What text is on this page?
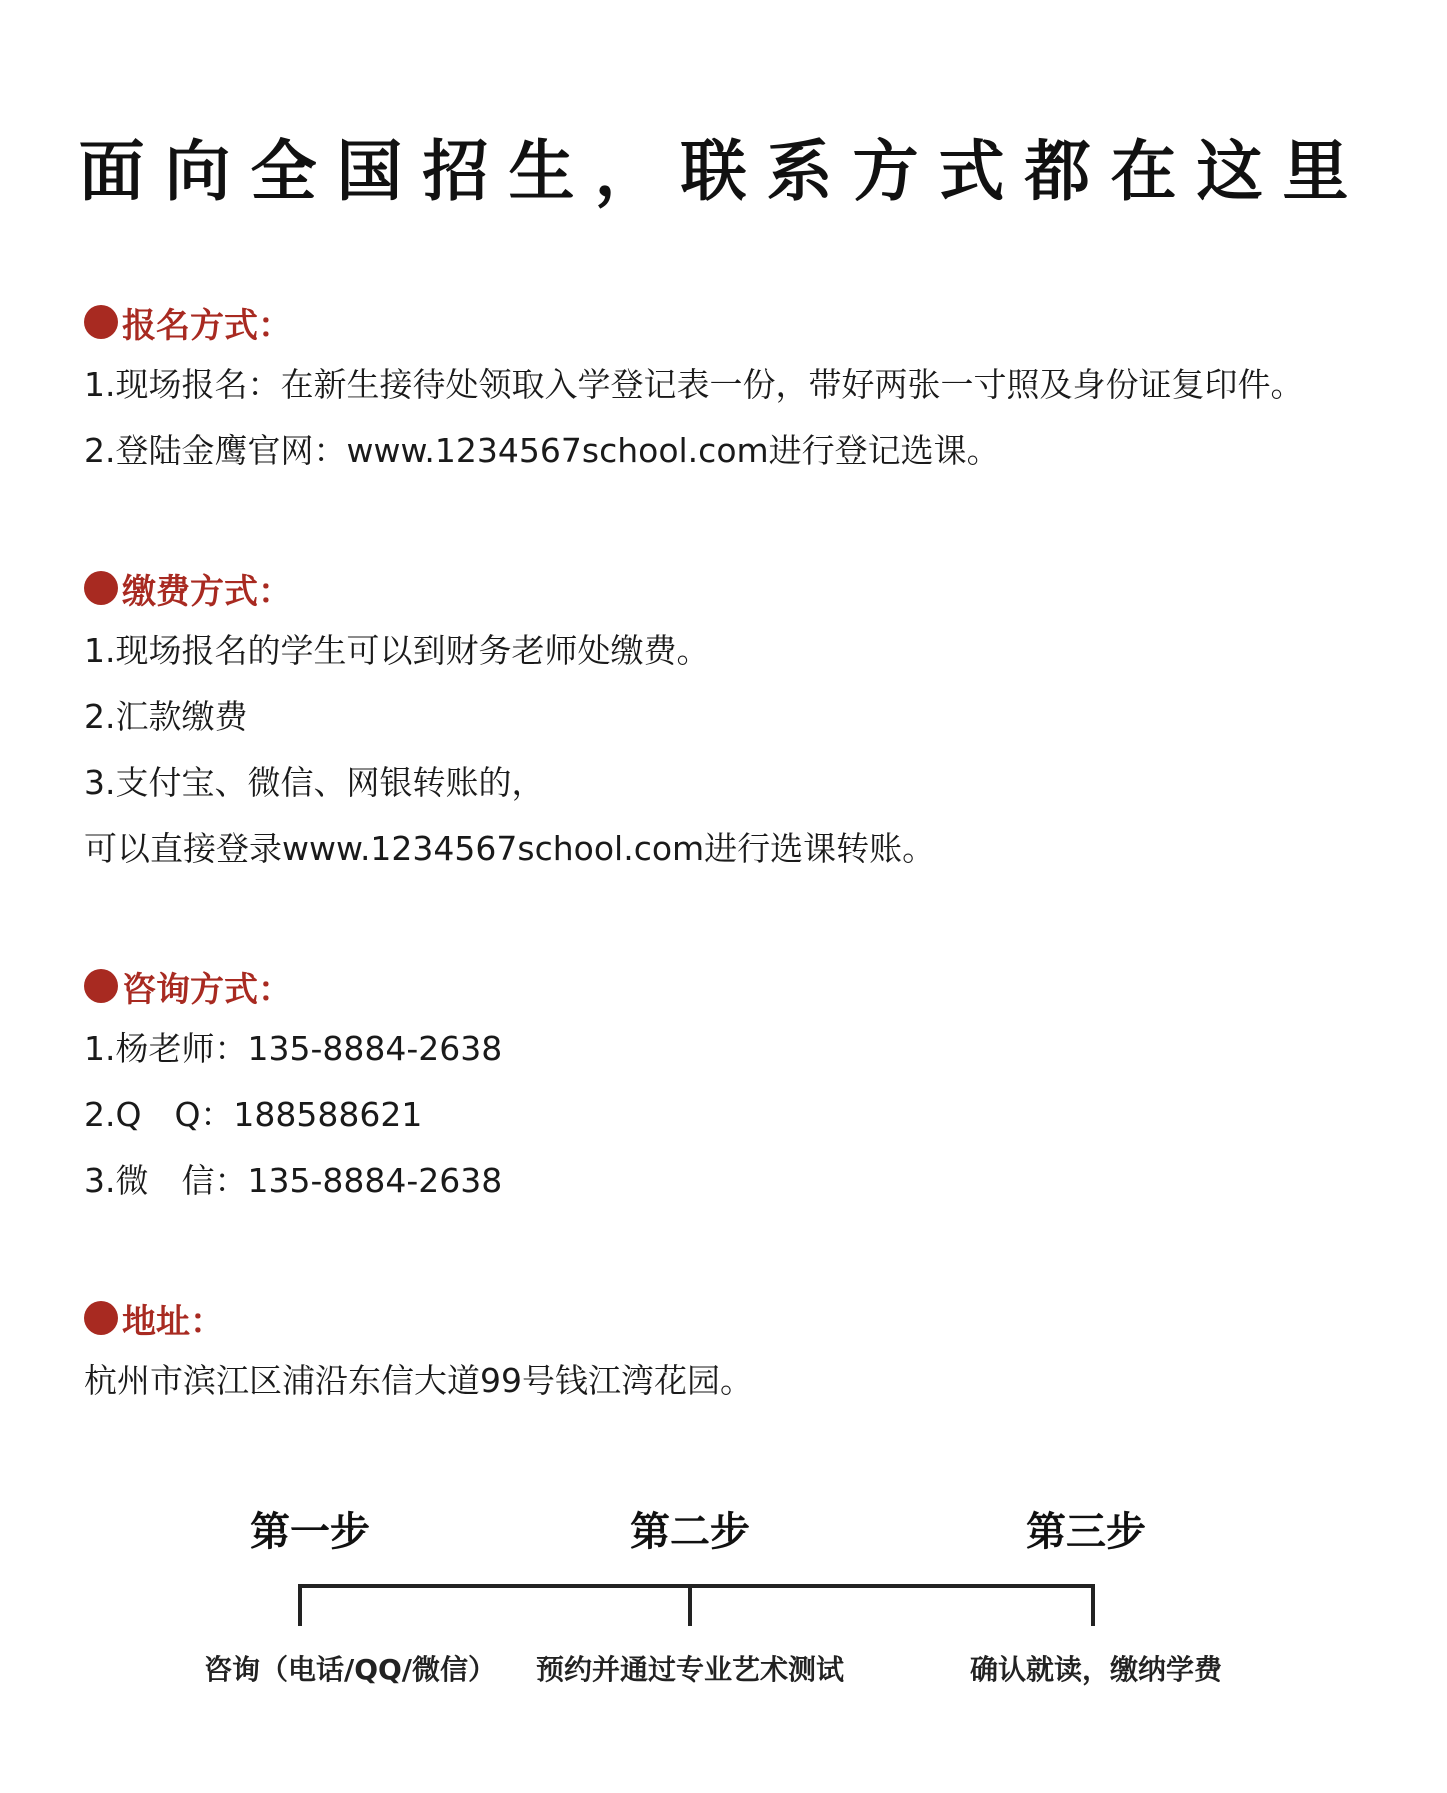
面向全国招生，联系方式都在这里
报名方式：
1.现场报名：在新生接待处领取入学登记表一份，带好两张一寸照及身份证复印件。
2.登陆金鹰官网：www.1234567school.com进行登记选课。
缴费方式：
1.现场报名的学生可以到财务老师处缴费。
2.汇款缴费
3.支付宝、微信、网银转账的，
可以直接登录www.1234567school.com进行选课转账。
咨询方式：
1.杨老师：135-8884-2638
2.Q　Q：188588621
3.微　信：135-8884-2638
地址：
杭州市滨江区浦沿东信大道99号钱江湾花园。
第一步	第二步	第三步
咨询（电话/QQ/微信）	预约并通过专业艺术测试	确认就读，缴纳学费
